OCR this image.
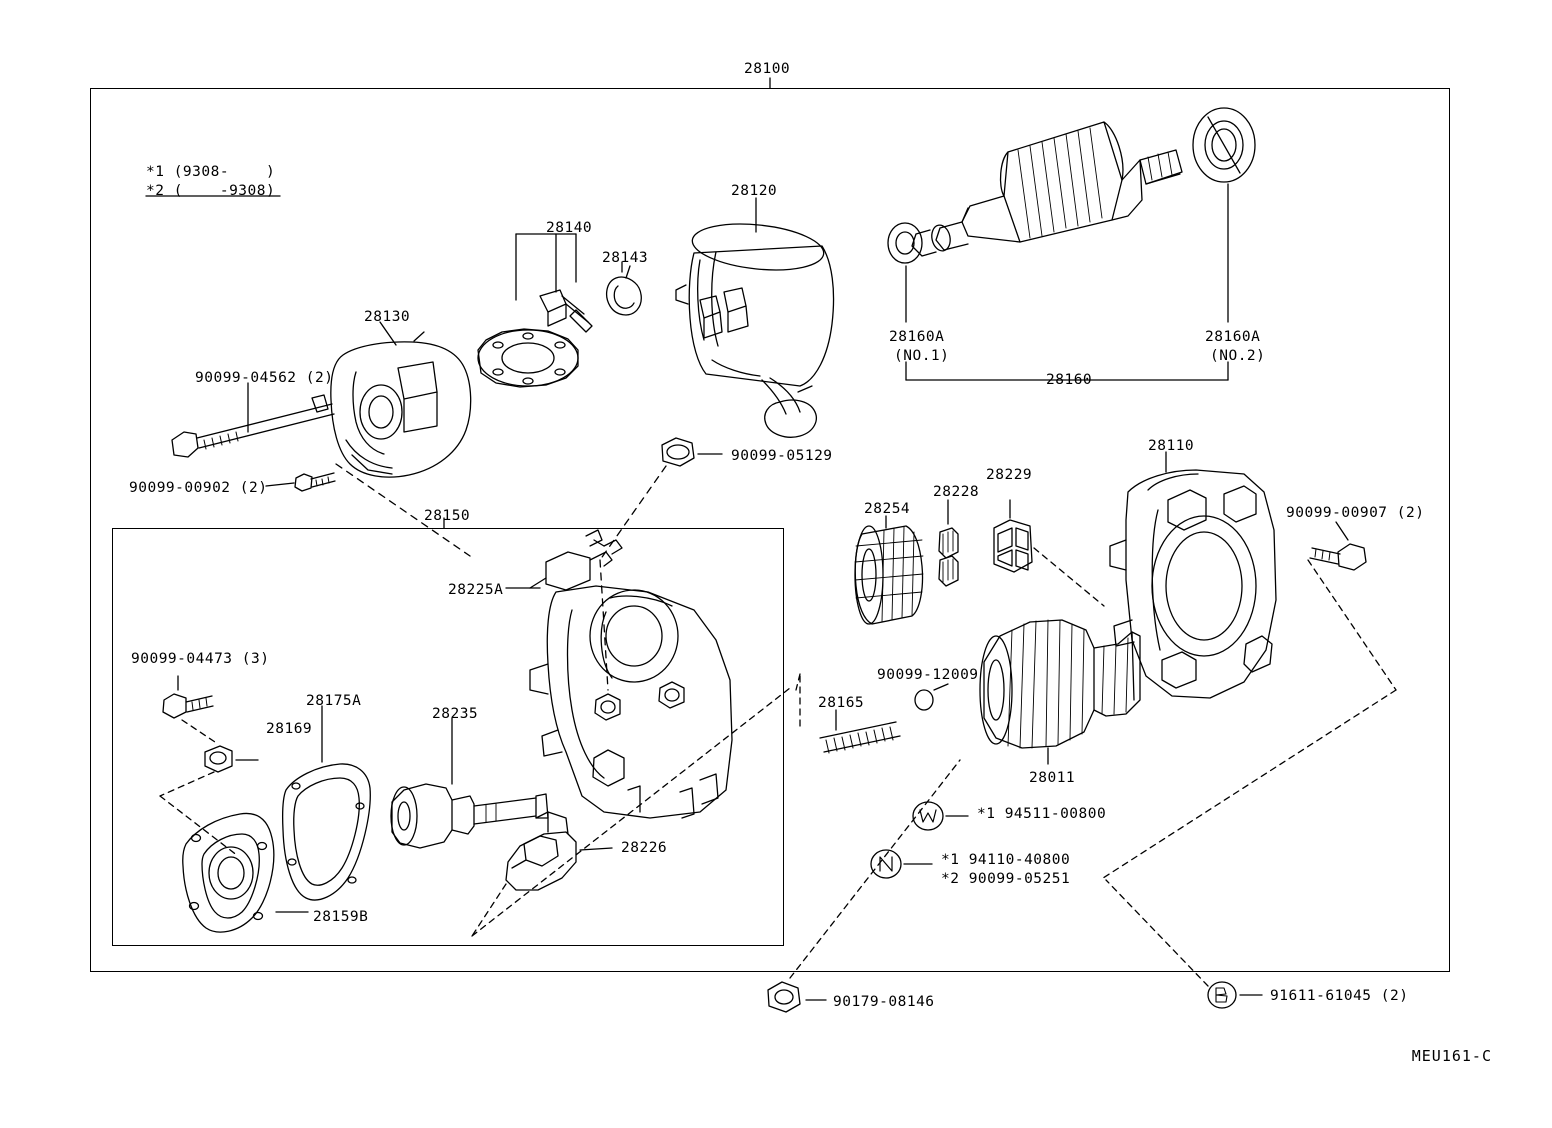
28100
*1 (9308-    )
*2 (    -9308)	28120
28140
28143
28130
90099-04562 (2)
90099-00902 (2)
28160A
(NO.1)
28160A
(NO.2)
28160
90099-05129
28150
28225A
90099-04473 (3)
28169
28175A
28235
28226
28159B
28254
28228
28229
28110
90099-00907 (2)
90099-12009
28165
28011
*1 94511-00800
*1 94110-40800
*2 90099-05251
90179-08146	91611-61045 (2)
MEU161-C
